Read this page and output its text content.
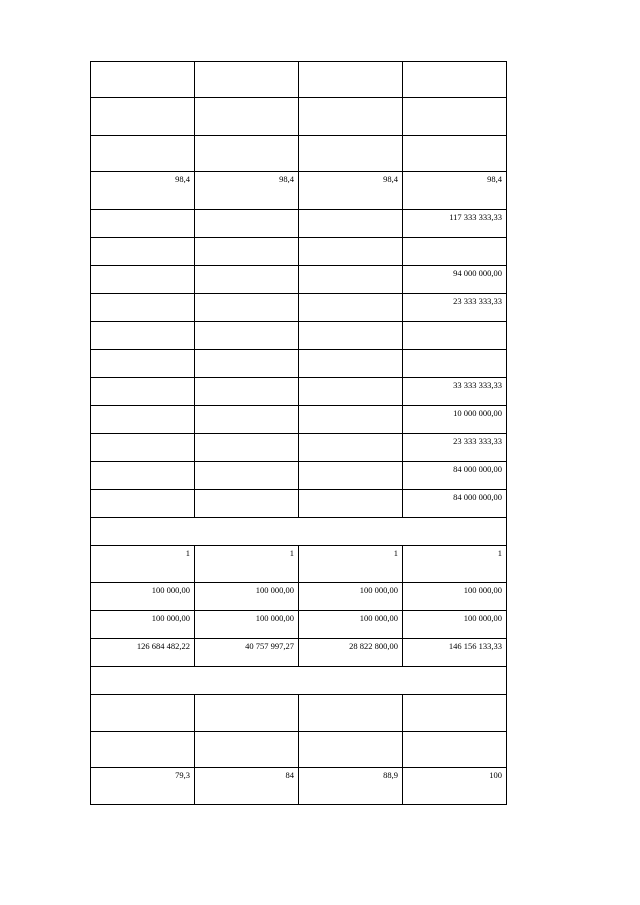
98,4	98,4	98,4	98,4
			117 333 333,33

			94 000 000,00
			23 333 333,33

			33 333 333,33
			10 000 000,00
			23 333 333,33
			84 000 000,00
			84 000 000,00

1	1	1	1
100 000,00	100 000,00	100 000,00	100 000,00
100 000,00	100 000,00	100 000,00	100 000,00
126 684 482,22	40 757 997,27	28 822 800,00	146 156 133,33

79,3	84	88,9	100
